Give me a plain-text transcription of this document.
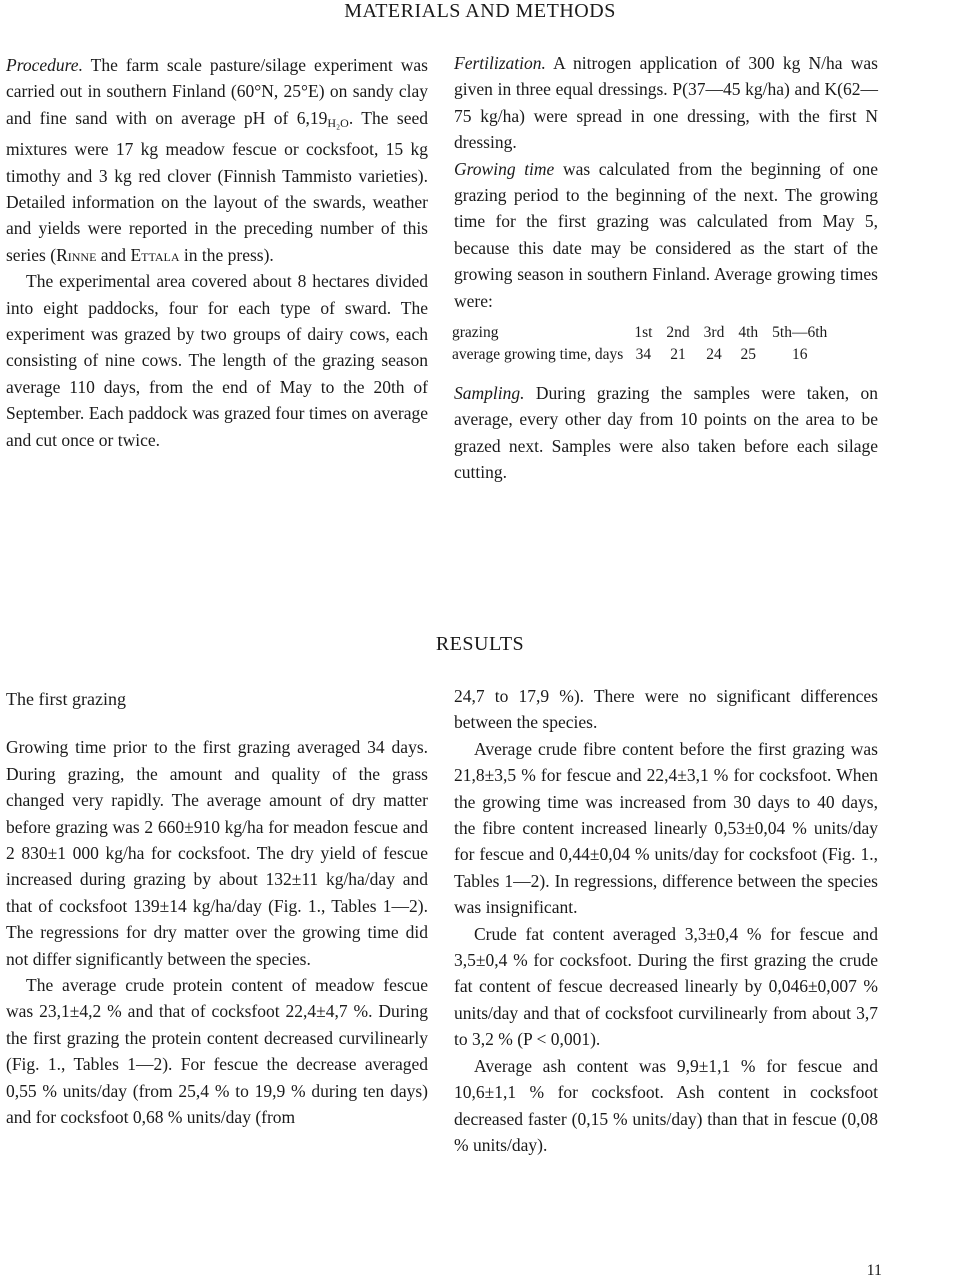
MATERIALS AND METHODS

Procedure. The farm scale pasture/silage experiment was carried out in southern Finland (60°N, 25°E) on sandy clay and fine sand with on average pH of $6,19_{H_2O}$. The seed mixtures were 17 kg meadow fescue or cocksfoot, 15 kg timothy and 3 kg red clover (Finnish Tammisto varieties). Detailed information on the layout of the swards, weather and yields were reported in the preceding number of this series (Rinne and Ettala in the press).

The experimental area covered about 8 hectares divided into eight paddocks, four for each type of sward. The experiment was grazed by two groups of dairy cows, each consisting of nine cows. The length of the grazing season average 110 days, from the end of May to the 20th of September. Each paddock was grazed four times on average and cut once or twice.

Fertilization. A nitrogen application of 300 kg N/ha was given in three equal dressings. P(37—45 kg/ha) and K(62—75 kg/ha) were spread in one dressing, with the first N dressing.

Growing time was calculated from the beginning of one grazing period to the beginning of the next. The growing time for the first grazing was calculated from May 5, because this date may be considered as the start of the growing season in southern Finland. Average growing times were:

grazing	1st	2nd	3rd	4th	5th—6th
average growing time, days	34	21	24	25	16

Sampling. During grazing the samples were taken, on average, every other day from 10 points on the area to be grazed next. Samples were also taken before each silage cutting.

RESULTS

The first grazing

Growing time prior to the first grazing averaged 34 days. During grazing, the amount and quality of the grass changed very rapidly. The average amount of dry matter before grazing was 2 660±910 kg/ha for meadon fescue and 2 830±1 000 kg/ha for cocksfoot. The dry yield of fescue increased during grazing by about 132±11 kg/ha/day and that of cocksfoot 139±14 kg/ha/day (Fig. 1., Tables 1—2). The regressions for dry matter over the growing time did not differ significantly between the species.

The average crude protein content of meadow fescue was 23,1±4,2 % and that of cocksfoot 22,4±4,7 %. During the first grazing the protein content decreased curvilinearly (Fig. 1., Tables 1—2). For fescue the decrease averaged 0,55 % units/day (from 25,4 % to 19,9 % during ten days) and for cocksfoot 0,68 % units/day (from

24,7 to 17,9 %). There were no significant differences between the species.

Average crude fibre content before the first grazing was 21,8±3,5 % for fescue and 22,4±3,1 % for cocksfoot. When the growing time was increased from 30 days to 40 days, the fibre content increased linearly 0,53±0,04 % units/day for fescue and 0,44±0,04 % units/day for cocksfoot (Fig. 1., Tables 1—2). In regressions, difference between the species was insignificant.

Crude fat content averaged 3,3±0,4 % for fescue and 3,5±0,4 % for cocksfoot. During the first grazing the crude fat content of fescue decreased linearly by 0,046±0,007 % units/day and that of cocksfoot curvilinearly from about 3,7 to 3,2 % (P < 0,001).

Average ash content was 9,9±1,1 % for fescue and 10,6±1,1 % for cocksfoot. Ash content in cocksfoot decreased faster (0,15 % units/day) than that in fescue (0,08 % units/day).

11
